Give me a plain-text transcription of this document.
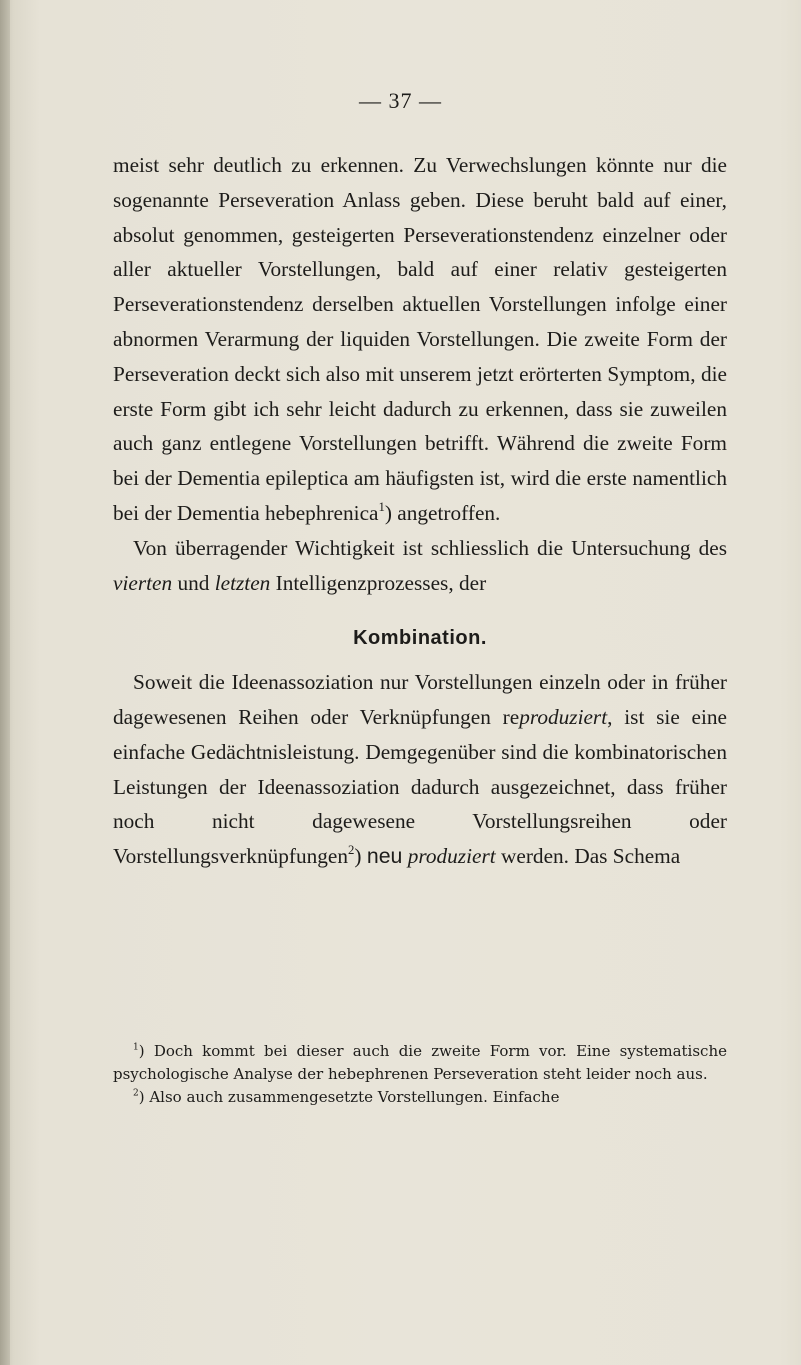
— 37 —

meist sehr deutlich zu erkennen. Zu Verwechslungen könnte nur die sogenannte Perseveration Anlass geben. Diese beruht bald auf einer, absolut genommen, gesteigerten Perseverationstendenz einzelner oder aller aktueller Vorstellungen, bald auf einer relativ gesteigerten Perseverationstendenz derselben aktuellen Vorstellungen infolge einer abnormen Verarmung der liquiden Vorstellungen. Die zweite Form der Perseveration deckt sich also mit unserem jetzt erörterten Symptom, die erste Form gibt ich sehr leicht dadurch zu erkennen, dass sie zuweilen auch ganz entlegene Vorstellungen betrifft. Während die zweite Form bei der Dementia epileptica am häufigsten ist, wird die erste namentlich bei der Dementia hebephrenica$^1$) angetroffen.

Von überragender Wichtigkeit ist schliesslich die Untersuchung des vierten und letzten Intelligenzprozesses, der

Kombination.

Soweit die Ideenassoziation nur Vorstellungen einzeln oder in früher dagewesenen Reihen oder Verknüpfungen reproduziert, ist sie eine einfache Gedächtnisleistung. Demgegenüber sind die kombinatorischen Leistungen der Ideenassoziation dadurch ausgezeichnet, dass früher noch nicht dagewesene Vorstellungsreihen oder Vorstellungsverknüpfungen$^2$) neu produziert werden. Das Schema

$^1$) Doch kommt bei dieser auch die zweite Form vor. Eine systematische psychologische Analyse der hebephrenen Perseveration steht leider noch aus.

$^2$) Also auch zusammengesetzte Vorstellungen. Einfache
